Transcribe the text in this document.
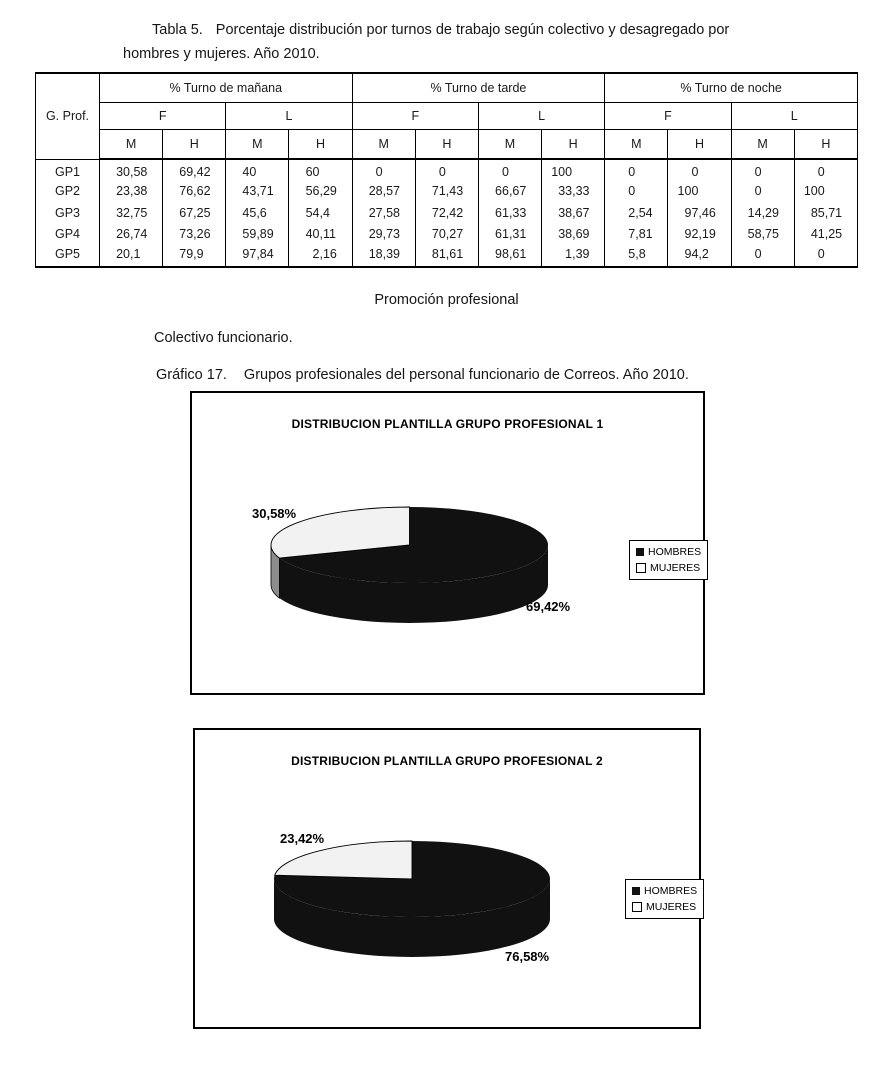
Tabla 5. Porcentaje distribución por turnos de trabajo según colectivo y desagregado por hombres y mujeres. Año 2010.

G. Prof.	% Turno de mañana				% Turno de tarde				% Turno de noche			
	F		L		F		L		F		L	
	M	H	M	H	M	H	M	H	M	H	M	H
GP1	30,58	69,42	40	60	0	0	0	100	0	0	0	0
GP2	23,38	76,62	43,71	56,29	28,57	71,43	66,67	33,33	0	100	0	100
GP3	32,75	67,25	45,6	54,4	27,58	72,42	61,33	38,67	2,54	97,46	14,29	85,71
GP4	26,74	73,26	59,89	40,11	29,73	70,27	61,31	38,69	7,81	92,19	58,75	41,25
GP5	20,1	79,9	97,84	2,16	18,39	81,61	98,61	1,39	5,8	94,2	0	0
Promoción profesional
Colectivo funcionario.

Gráfico 17. Grupos profesionales del personal funcionario de Correos. Año 2010.

DISTRIBUCION PLANTILLA GRUPO PROFESIONAL 1
30,58%
69,42%
HOMBRES
MUJERES
DISTRIBUCION PLANTILLA GRUPO PROFESIONAL 2
23,42%
76,58%
HOMBRES
MUJERES
